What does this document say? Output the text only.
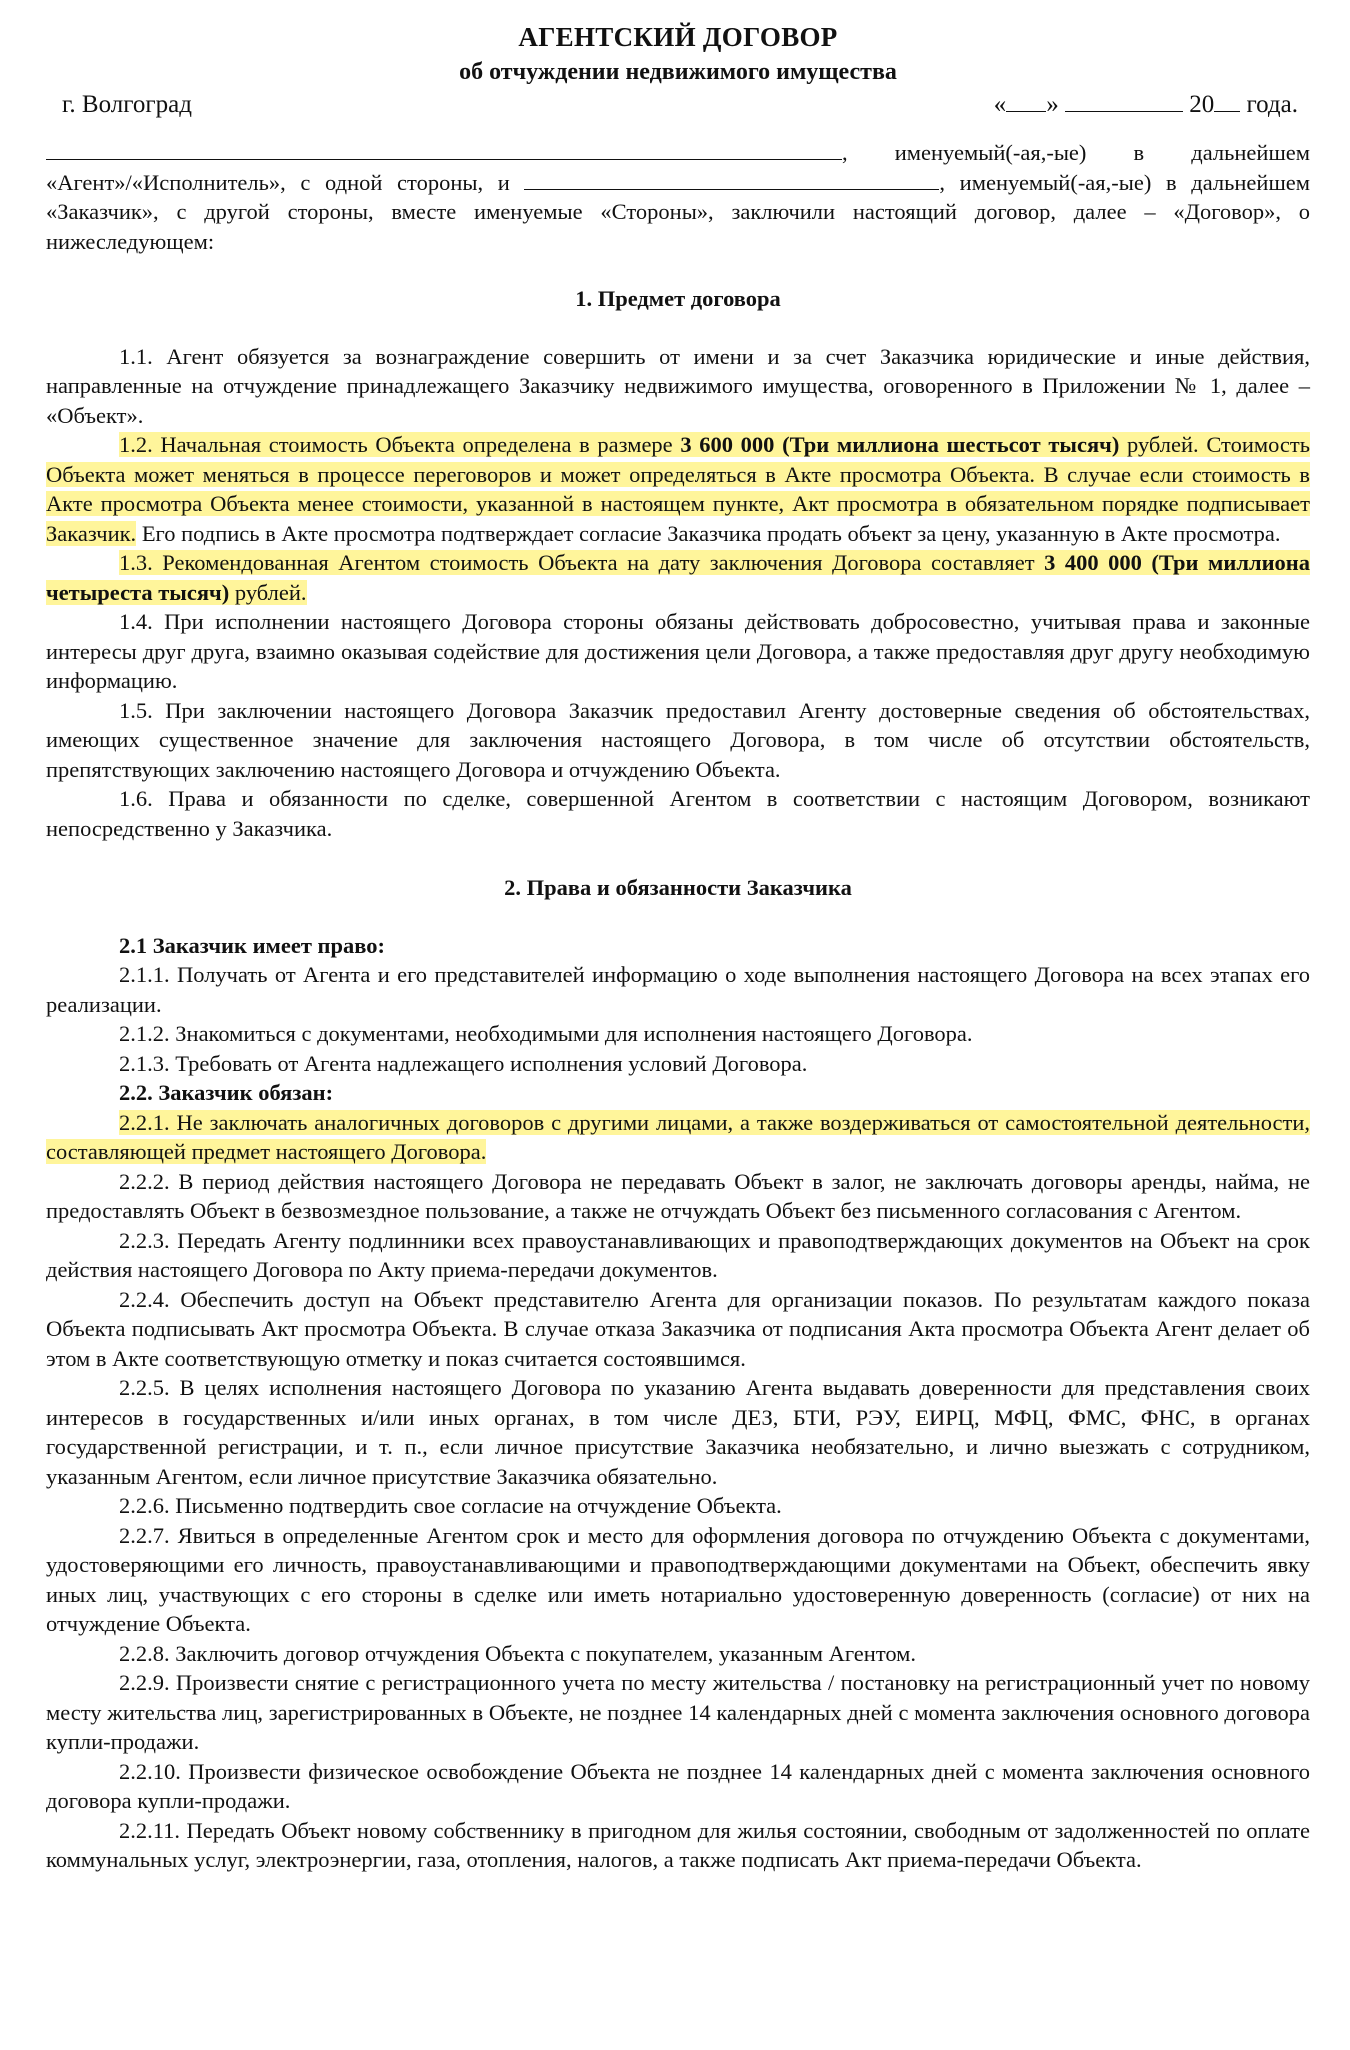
АГЕНТСКИЙ ДОГОВОР
об отчуждении недвижимого имущества
г. Волгоград	« »	20 года.

, именуемый(-ая,-ые) в дальнейшем «Агент»/«Исполнитель», с одной стороны, и	, именуемый(-ая,-ые) в дальнейшем «Заказчик», с другой стороны, вместе именуемые «Стороны», заключили настоящий договор, далее – «Договор», о нижеследующем:

1. Предмет договора

1.1. Агент обязуется за вознаграждение совершить от имени и за счет Заказчика юридические и иные действия, направленные на отчуждение принадлежащего Заказчику недвижимого имущества, оговоренного в Приложении № 1, далее – «Объект».

1.2. Начальная стоимость Объекта определена в размере 3 600 000 (Три миллиона шестьсот тысяч) рублей. Стоимость Объекта может меняться в процессе переговоров и может определяться в Акте просмотра Объекта. В случае если стоимость в Акте просмотра Объекта менее стоимости, указанной в настоящем пункте, Акт просмотра в обязательном порядке подписывает Заказчик. Его подпись в Акте просмотра подтверждает согласие Заказчика продать объект за цену, указанную в Акте просмотра.

1.3. Рекомендованная Агентом стоимость Объекта на дату заключения Договора составляет 3 400 000 (Три миллиона четыреста тысяч) рублей.

1.4. При исполнении настоящего Договора стороны обязаны действовать добросовестно, учитывая права и законные интересы друг друга, взаимно оказывая содействие для достижения цели Договора, а также предоставляя друг другу необходимую информацию.

1.5. При заключении настоящего Договора Заказчик предоставил Агенту достоверные сведения об обстоятельствах, имеющих существенное значение для заключения настоящего Договора, в том числе об отсутствии обстоятельств, препятствующих заключению настоящего Договора и отчуждению Объекта.

1.6. Права и обязанности по сделке, совершенной Агентом в соответствии с настоящим Договором, возникают непосредственно у Заказчика.

2. Права и обязанности Заказчика

2.1 Заказчик имеет право:

2.1.1. Получать от Агента и его представителей информацию о ходе выполнения настоящего Договора на всех этапах его реализации.

2.1.2. Знакомиться с документами, необходимыми для исполнения настоящего Договора.

2.1.3. Требовать от Агента надлежащего исполнения условий Договора.

2.2. Заказчик обязан:

2.2.1. Не заключать аналогичных договоров с другими лицами, а также воздерживаться от самостоятельной деятельности, составляющей предмет настоящего Договора.

2.2.2. В период действия настоящего Договора не передавать Объект в залог, не заключать договоры аренды, найма, не предоставлять Объект в безвозмездное пользование, а также не отчуждать Объект без письменного согласования с Агентом.

2.2.3. Передать Агенту подлинники всех правоустанавливающих и правоподтверждающих документов на Объект на срок действия настоящего Договора по Акту приема-передачи документов.

2.2.4. Обеспечить доступ на Объект представителю Агента для организации показов. По результатам каждого показа Объекта подписывать Акт просмотра Объекта. В случае отказа Заказчика от подписания Акта просмотра Объекта Агент делает об этом в Акте соответствующую отметку и показ считается состоявшимся.

2.2.5. В целях исполнения настоящего Договора по указанию Агента выдавать доверенности для представления своих интересов в государственных и/или иных органах, в том числе ДЕЗ, БТИ, РЭУ, ЕИРЦ, МФЦ, ФМС, ФНС, в органах государственной регистрации, и т. п., если личное присутствие Заказчика необязательно, и лично выезжать с сотрудником, указанным Агентом, если личное присутствие Заказчика обязательно.

2.2.6. Письменно подтвердить свое согласие на отчуждение Объекта.

2.2.7. Явиться в определенные Агентом срок и место для оформления договора по отчуждению Объекта с документами, удостоверяющими его личность, правоустанавливающими и правоподтверждающими документами на Объект, обеспечить явку иных лиц, участвующих с его стороны в сделке или иметь нотариально удостоверенную доверенность (согласие) от них на отчуждение Объекта.

2.2.8. Заключить договор отчуждения Объекта с покупателем, указанным Агентом.

2.2.9. Произвести снятие с регистрационного учета по месту жительства / постановку на регистрационный учет по новому месту жительства лиц, зарегистрированных в Объекте, не позднее 14 календарных дней с момента заключения основного договора купли-продажи.

2.2.10. Произвести физическое освобождение Объекта не позднее 14 календарных дней с момента заключения основного договора купли-продажи.

2.2.11. Передать Объект новому собственнику в пригодном для жилья состоянии, свободным от задолженностей по оплате коммунальных услуг, электроэнергии, газа, отопления, налогов, а также подписать Акт приема-передачи Объекта.
